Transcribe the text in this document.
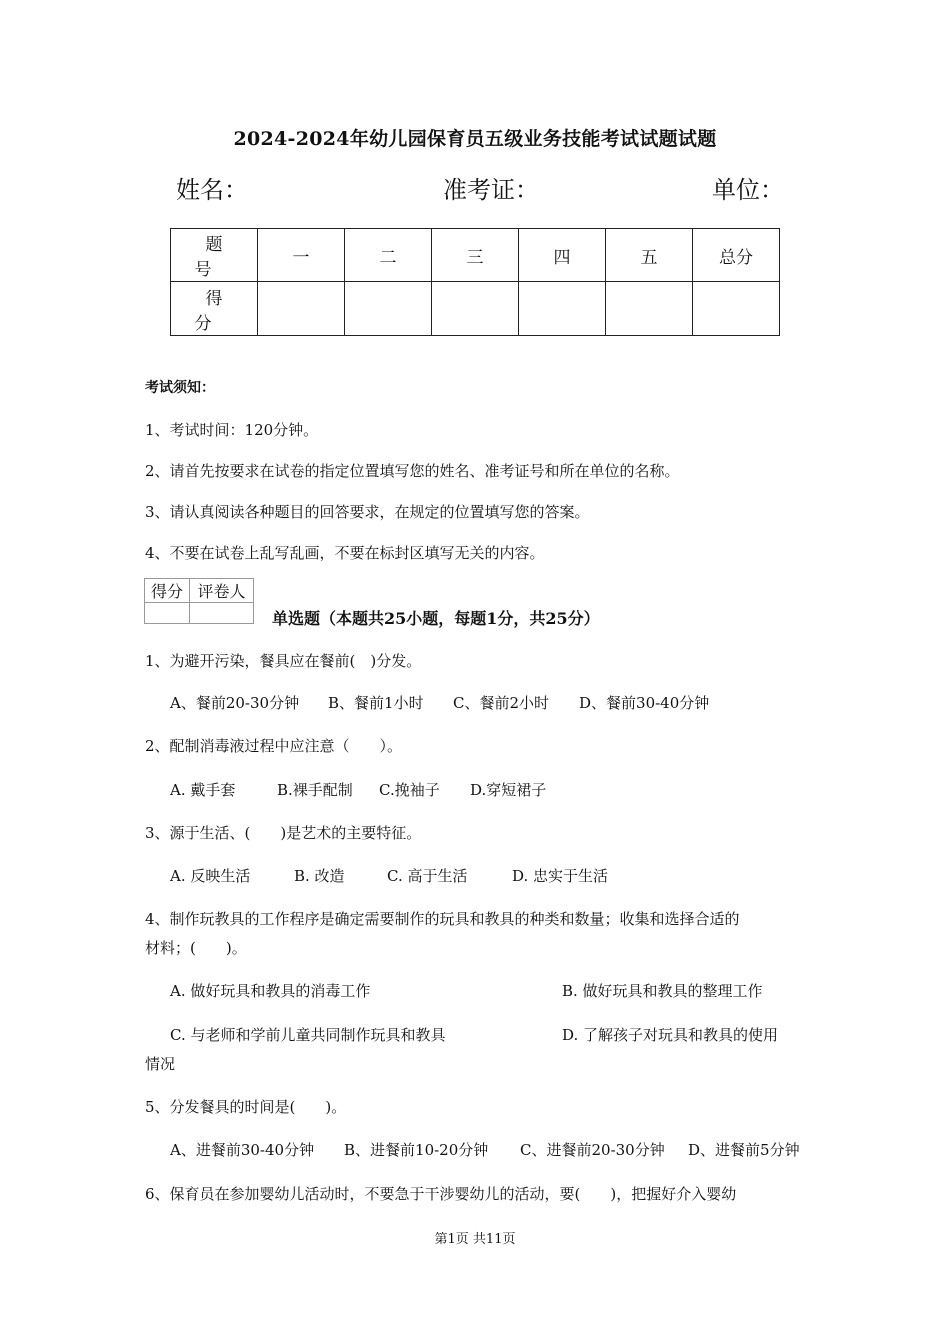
2024-2024年幼儿园保育员五级业务技能考试试题试题
姓名：	准考证：	单位：
题 号	一	二	三	四	五	总分
得 分						
考试须知：
1、考试时间：120分钟。
2、请首先按要求在试卷的指定位置填写您的姓名、准考证号和所在单位的名称。
3、请认真阅读各种题目的回答要求，在规定的位置填写您的答案。
4、不要在试卷上乱写乱画，不要在标封区填写无关的内容。
得分	评卷人

单选题（本题共25小题，每题1分，共25分）
1、为避开污染，餐具应在餐前(　)分发。
A、餐前20-30分钟 B、餐前1小时 C、餐前2小时 D、餐前30-40分钟
2、配制消毒液过程中应注意（　　）。
A. 戴手套	B.裸手配制 C.挽袖子 D.穿短裙子
3、源于生活、(　　)是艺术的主要特征。
A. 反映生活	B. 改造	C. 高于生活	D. 忠实于生活
4、制作玩教具的工作程序是确定需要制作的玩具和教具的种类和数量；收集和选择合适的
材料；(　　)。
A. 做好玩具和教具的消毒工作	B. 做好玩具和教具的整理工作
C. 与老师和学前儿童共同制作玩具和教具	D. 了解孩子对玩具和教具的使用
情况
5、分发餐具的时间是(　　)。
A、进餐前30-40分钟 B、进餐前10-20分钟 C、进餐前20-30分钟 D、进餐前5分钟
6、保育员在参加婴幼儿活动时，不要急于干涉婴幼儿的活动，要(　　)，把握好介入婴幼
第1页 共11页
